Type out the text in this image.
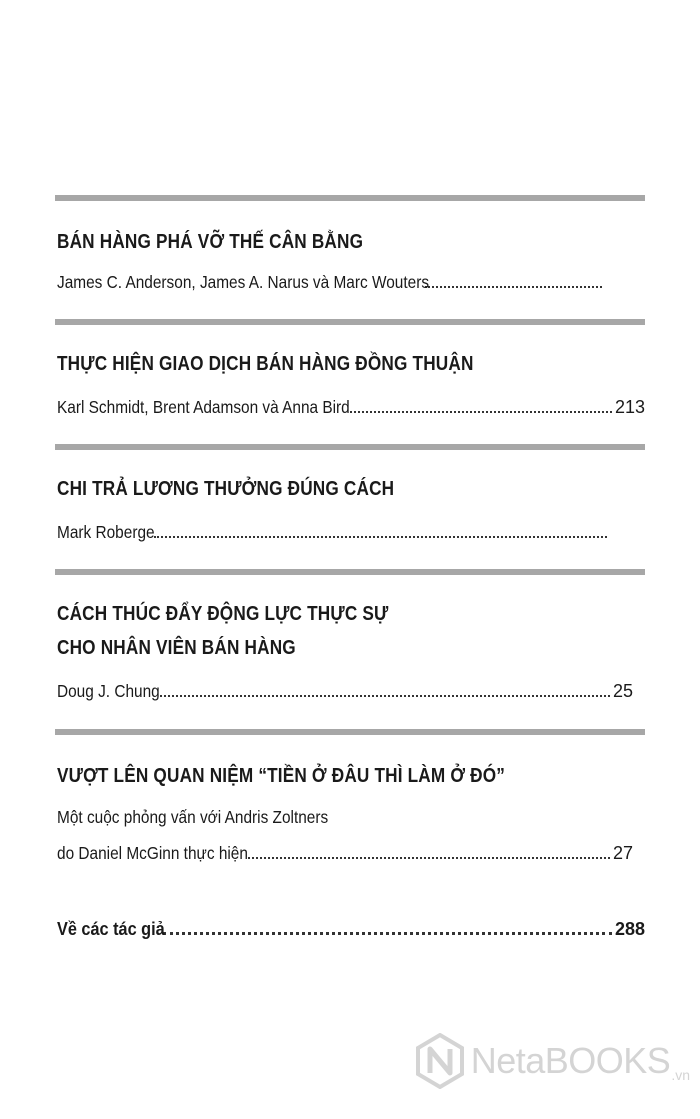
BÁN HÀNG PHÁ VỠ THẾ CÂN BẰNG
James C. Anderson, James A. Narus và Marc Wouters
THỰC HIỆN GIAO DỊCH BÁN HÀNG ĐỒNG THUẬN
Karl Schmidt, Brent Adamson và Anna Bird	213
CHI TRẢ LƯƠNG THƯỞNG ĐÚNG CÁCH
Mark Roberge
CÁCH THÚC ĐẨY ĐỘNG LỰC THỰC SỰ
CHO NHÂN VIÊN BÁN HÀNG
Doug J. Chung	25
VƯỢT LÊN QUAN NIỆM “TIỀN Ở ĐÂU THÌ LÀM Ở ĐÓ”
Một cuộc phỏng vấn với Andris Zoltners
do Daniel McGinn thực hiện	27
Về các tác giả	288
NetaBOOKS .vn
